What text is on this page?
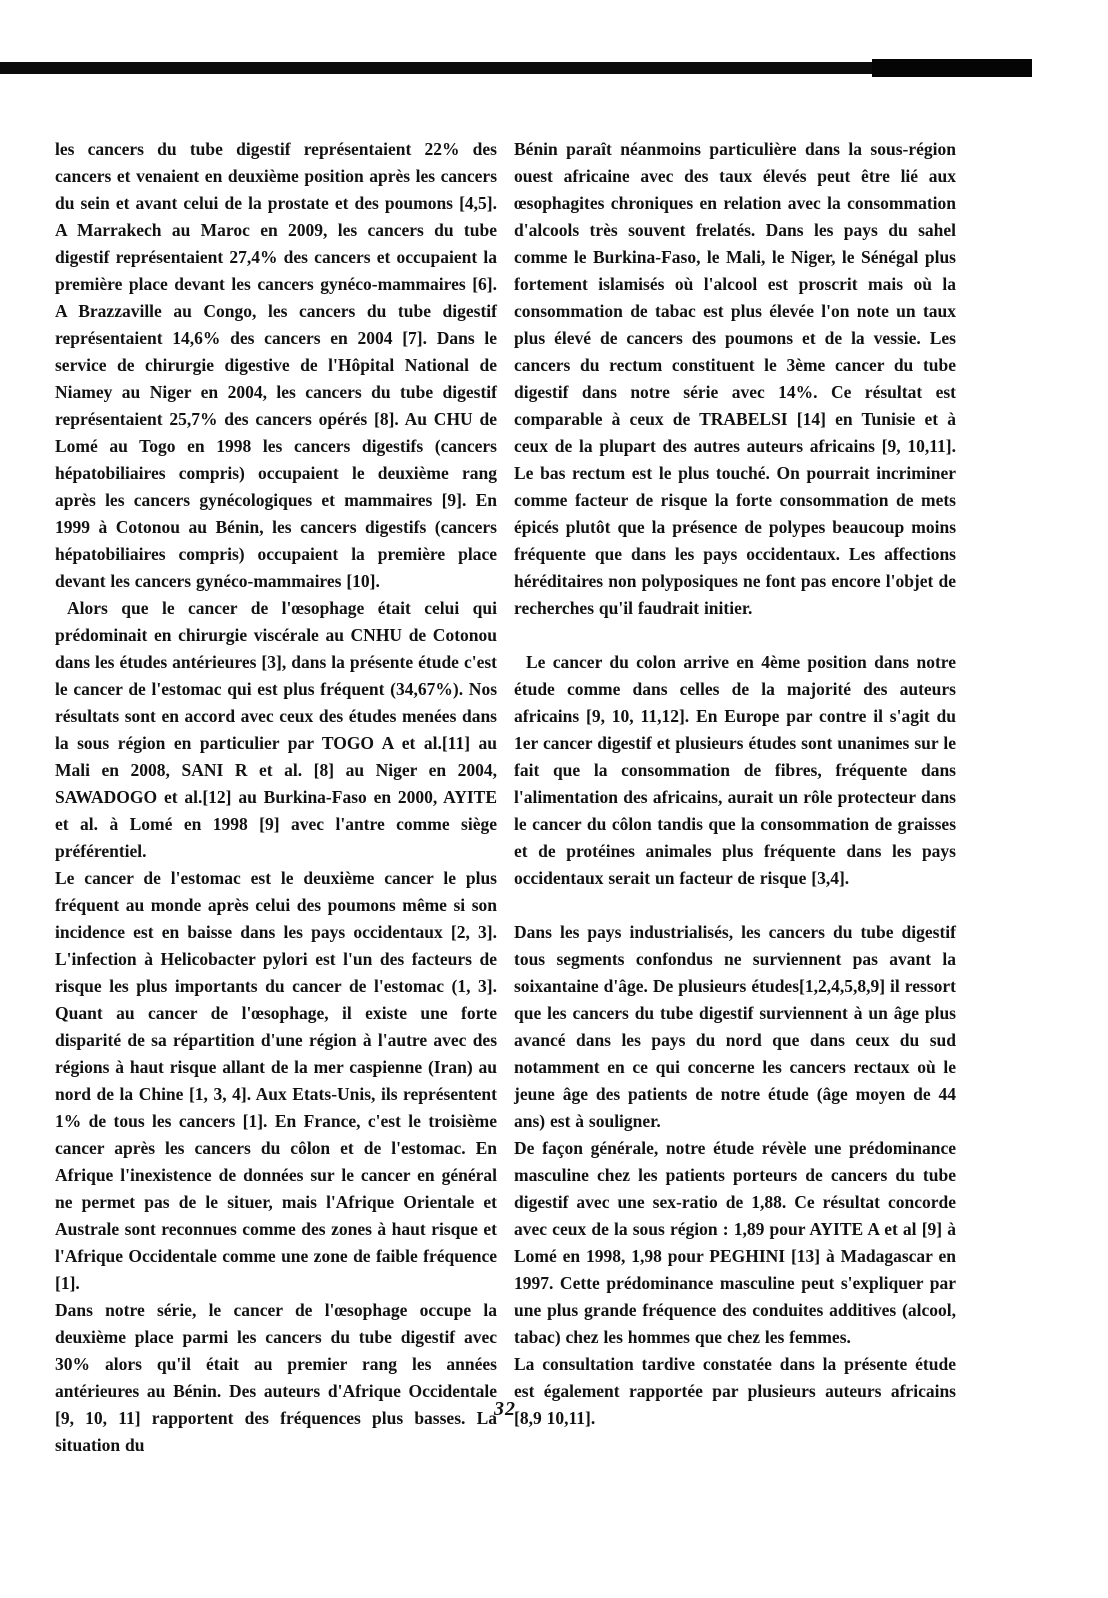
les cancers du tube digestif représentaient 22% des cancers et venaient en deuxième position après les cancers du sein et avant celui de la prostate et des poumons [4,5]. A Marrakech au Maroc en 2009, les cancers du tube digestif représentaient 27,4% des cancers et occupaient la première place devant les cancers gynéco-mammaires [6]. A Brazzaville au Congo, les cancers du tube digestif représentaient 14,6% des cancers en 2004 [7]. Dans le service de chirurgie digestive de l'Hôpital National de Niamey au Niger en 2004, les cancers du tube digestif représentaient 25,7% des cancers opérés [8]. Au CHU de Lomé au Togo en 1998 les cancers digestifs (cancers hépatobiliaires compris) occupaient le deuxième rang après les cancers gynécologiques et mammaires [9]. En 1999 à Cotonou au Bénin, les cancers digestifs (cancers hépatobiliaires compris) occupaient la première place devant les cancers gynéco-mammaires [10].

Alors que le cancer de l'œsophage était celui qui prédominait en chirurgie viscérale au CNHU de Cotonou dans les études antérieures [3], dans la présente étude c'est le cancer de l'estomac qui est plus fréquent (34,67%). Nos résultats sont en accord avec ceux des études menées dans la sous région en particulier par TOGO A et al.[11] au Mali en 2008, SANI R et al. [8] au Niger en 2004, SAWADOGO et al.[12] au Burkina-Faso en 2000, AYITE et al. à Lomé en 1998 [9] avec l'antre comme siège préférentiel.

Le cancer de l'estomac est le deuxième cancer le plus fréquent au monde après celui des poumons même si son incidence est en baisse dans les pays occidentaux [2, 3]. L'infection à Helicobacter pylori est l'un des facteurs de risque les plus importants du cancer de l'estomac (1, 3]. Quant au cancer de l'œsophage, il existe une forte disparité de sa répartition d'une région à l'autre avec des régions à haut risque allant de la mer caspienne (Iran) au nord de la Chine [1, 3, 4]. Aux Etats-Unis, ils représentent 1% de tous les cancers [1]. En France, c'est le troisième cancer après les cancers du côlon et de l'estomac. En Afrique l'inexistence de données sur le cancer en général ne permet pas de le situer, mais l'Afrique Orientale et Australe sont reconnues comme des zones à haut risque et l'Afrique Occidentale comme une zone de faible fréquence [1].

Dans notre série, le cancer de l'œsophage occupe la deuxième place parmi les cancers du tube digestif avec 30% alors qu'il était au premier rang les années antérieures au Bénin. Des auteurs d'Afrique Occidentale [9, 10, 11] rapportent des fréquences plus basses. La situation du

Bénin paraît néanmoins particulière dans la sous-région ouest africaine avec des taux élevés peut être lié aux œsophagites chroniques en relation avec la consommation d'alcools très souvent frelatés. Dans les pays du sahel comme le Burkina-Faso, le Mali, le Niger, le Sénégal plus fortement islamisés où l'alcool est proscrit mais où la consommation de tabac est plus élevée l'on note un taux plus élevé de cancers des poumons et de la vessie. Les cancers du rectum constituent le 3ème cancer du tube digestif dans notre série avec 14%. Ce résultat est comparable à ceux de TRABELSI [14] en Tunisie et à ceux de la plupart des autres auteurs africains [9, 10,11]. Le bas rectum est le plus touché. On pourrait incriminer comme facteur de risque la forte consommation de mets épicés plutôt que la présence de polypes beaucoup moins fréquente que dans les pays occidentaux. Les affections héréditaires non polyposiques ne font pas encore l'objet de recherches qu'il faudrait initier.

Le cancer du colon arrive en 4ème position dans notre étude comme dans celles de la majorité des auteurs africains [9, 10, 11,12]. En Europe par contre il s'agit du 1er cancer digestif et plusieurs études sont unanimes sur le fait que la consommation de fibres, fréquente dans l'alimentation des africains, aurait un rôle protecteur dans le cancer du côlon tandis que la consommation de graisses et de protéines animales plus fréquente dans les pays occidentaux serait un facteur de risque [3,4].

Dans les pays industrialisés, les cancers du tube digestif tous segments confondus ne surviennent pas avant la soixantaine d'âge. De plusieurs études[1,2,4,5,8,9] il ressort que les cancers du tube digestif surviennent à un âge plus avancé dans les pays du nord que dans ceux du sud notamment en ce qui concerne les cancers rectaux où le jeune âge des patients de notre étude (âge moyen de 44 ans) est à souligner.

De façon générale, notre étude révèle une prédominance masculine chez les patients porteurs de cancers du tube digestif avec une sex-ratio de 1,88. Ce résultat concorde avec ceux de la sous région : 1,89 pour AYITE A et al [9] à Lomé en 1998, 1,98 pour PEGHINI [13] à Madagascar en 1997. Cette prédominance masculine peut s'expliquer par une plus grande fréquence des conduites additives (alcool, tabac) chez les hommes que chez les femmes.

La consultation tardive constatée dans la présente étude est également rapportée par plusieurs auteurs africains [8,9 10,11].

32
